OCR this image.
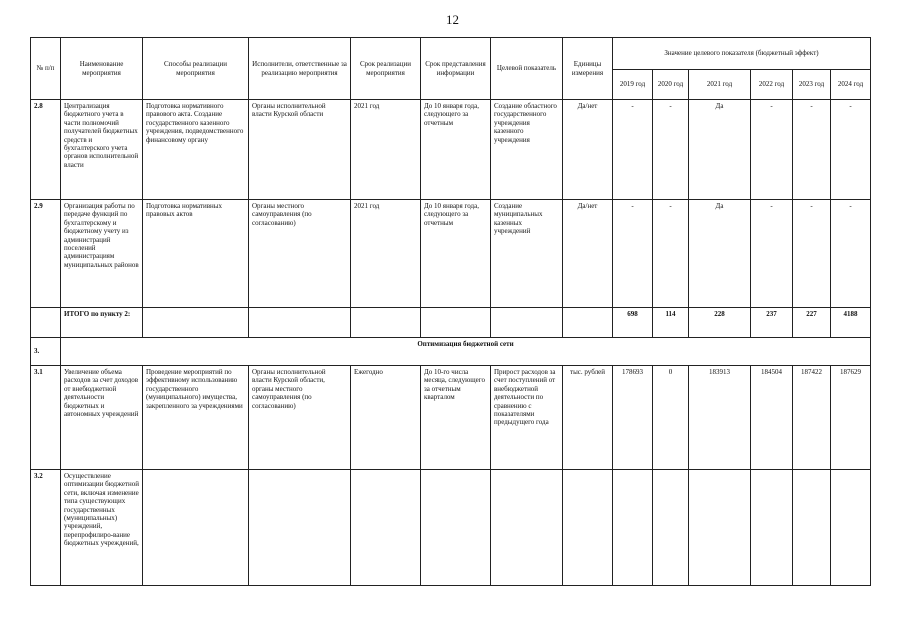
12
№ п/п	Наименование мероприятия	Способы реализации мероприятия	Исполнители, ответственные за реализацию мероприятия	Срок реализации мероприятия	Срок представления информации	Целевой показатель	Единицы измерения	Значение целевого показателя (бюджетный эффект)					
								2019 год	2020 год	2021 год	2022 год	2023 год	2024 год
2.8	Централизация бюджетного учета в части полномочий получателей бюджетных средств и бухгалтерского учета органов исполнительной власти	Подготовка нормативного правового акта. Создание государственного казенного учреждения, подведомственного финансовому органу	Органы исполнительной власти Курской области	2021 год	До 10 января года, следующего за отчетным	Создание областного государственного учреждения казенного учреждения	Да/нет	-	-	Да	-	-	-
2.9	Организация работы по передаче функций по бухгалтерскому и бюджетному учету из администраций поселений администрациям муниципальных районов	Подготовка нормативных правовых актов	Органы местного самоуправления (по согласованию)	2021 год	До 10 января года, следующего за отчетным	Создание муниципальных казенных учреждений	Да/нет	-	-	Да	-	-	-
	ИТОГО по пункту 2:							698	114	228	237	227	4188
3.	Оптимизация бюджетной сети												
3.1	Увеличение объема расходов за счет доходов от внебюджетной деятельности бюджетных и автономных учреждений	Проведение мероприятий по эффективному использованию государственного (муниципального) имущества, закрепленного за учреждениями	Органы исполнительной власти Курской области, органы местного самоуправления (по согласованию)	Ежегодно	До 10-го числа месяца, следующего за отчетным кварталом	Прирост расходов за счет поступлений от внебюджетной деятельности по сравнению с показателями предыдущего года	тыс. рублей	178693	0	183913	184504	187422	187629
3.2	Осуществление оптимизации бюджетной сети, включая изменение типа существующих государственных (муниципальных) учреждений, перепрофилиро-вание бюджетных учреждений,												
